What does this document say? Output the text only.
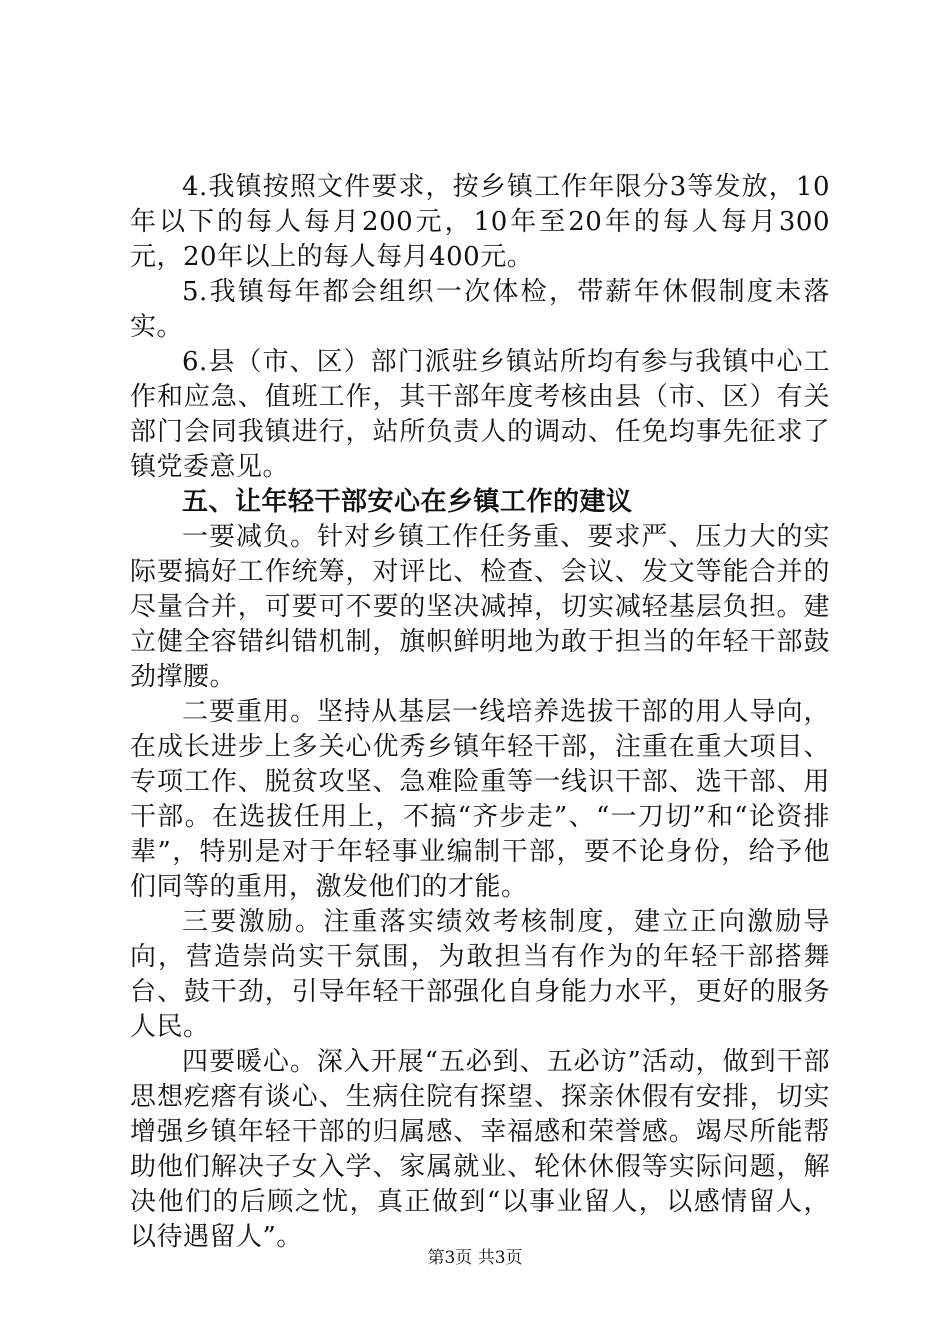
4.我镇按照文件要求，按乡镇工作年限分3等发放，10年以下的每人每月200元，10年至20年的每人每月300元，20年以上的每人每月400元。

5.我镇每年都会组织一次体检，带薪年休假制度未落实。

6.县（市、区）部门派驻乡镇站所均有参与我镇中心工作和应急、值班工作，其干部年度考核由县（市、区）有关部门会同我镇进行，站所负责人的调动、任免均事先征求了镇党委意见。

五、让年轻干部安心在乡镇工作的建议

一要减负。针对乡镇工作任务重、要求严、压力大的实际要搞好工作统筹，对评比、检查、会议、发文等能合并的尽量合并，可要可不要的坚决减掉，切实减轻基层负担。建立健全容错纠错机制，旗帜鲜明地为敢于担当的年轻干部鼓劲撑腰。

二要重用。坚持从基层一线培养选拔干部的用人导向，在成长进步上多关心优秀乡镇年轻干部，注重在重大项目、专项工作、脱贫攻坚、急难险重等一线识干部、选干部、用干部。在选拔任用上，不搞“齐步走”、“一刀切”和“论资排辈”，特别是对于年轻事业编制干部，要不论身份，给予他们同等的重用，激发他们的才能。

三要激励。注重落实绩效考核制度，建立正向激励导向，营造崇尚实干氛围，为敢担当有作为的年轻干部搭舞台、鼓干劲，引导年轻干部强化自身能力水平，更好的服务人民。

四要暖心。深入开展“五必到、五必访”活动，做到干部思想疙瘩有谈心、生病住院有探望、探亲休假有安排，切实增强乡镇年轻干部的归属感、幸福感和荣誉感。竭尽所能帮助他们解决子女入学、家属就业、轮休休假等实际问题，解决他们的后顾之忧，真正做到“以事业留人，以感情留人，以待遇留人”。

第3页 共3页
